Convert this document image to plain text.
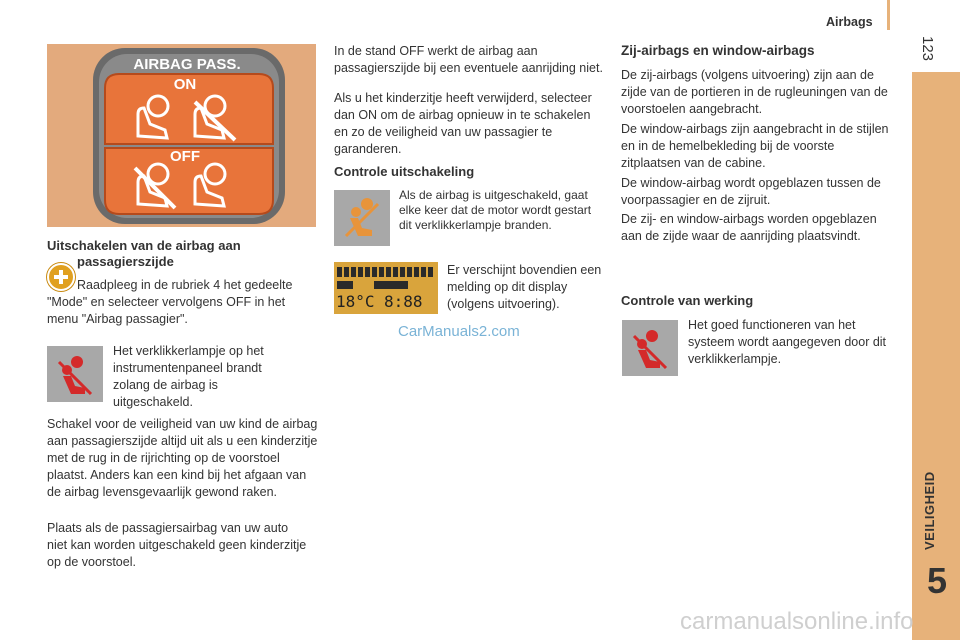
Airbags
123
VEILIGHEID
5
AIRBAG PASS.
ON
OFF
Uitschakelen van de airbag aan
passagierszijde

Raadpleeg in de rubriek 4 het gedeelte "Mode" en selecteer vervolgens OFF in het menu "Airbag passagier".

Het verklikkerlampje op het instrumentenpaneel brandt zolang de airbag is uitgeschakeld.

Schakel voor de veiligheid van uw kind de airbag aan passagierszijde altijd uit als u een kinderzitje met de rug in de rijrichting op de voorstoel plaatst. Anders kan een kind bij het afgaan van de airbag levensgevaarlijk gewond raken.

Plaats als de passagiersairbag van uw auto niet kan worden uitgeschakeld geen kinderzitje op de voorstoel.

In de stand OFF werkt de airbag aan passagierszijde bij een eventuele aanrijding niet.

Als u het kinderzitje heeft verwijderd, selecteer dan ON om de airbag opnieuw in te schakelen en zo de veiligheid van uw passagier te garanderen.

Controle uitschakeling

Als de airbag is uitgeschakeld, gaat elke keer dat de motor wordt gestart dit verklikkerlampje branden.

18°C 8:88

Er verschijnt bovendien een melding op dit display (volgens uitvoering).

CarManuals2.com
Zij-airbags en window-airbags

De zij-airbags (volgens uitvoering) zijn aan de zijde van de portieren in de rugleuningen van de voorstoelen aangebracht.

De window-airbags zijn aangebracht in de stijlen en in de hemelbekleding bij de voorste zitplaatsen van de cabine.

De window-airbag wordt opgeblazen tussen de voorpassagier en de zijruit.

De zij- en window-airbags worden opgeblazen aan de zijde waar de aanrijding plaatsvindt.

Controle van werking

Het goed functioneren van het systeem wordt aangegeven door dit verklikkerlampje.

carmanualsonline.info
